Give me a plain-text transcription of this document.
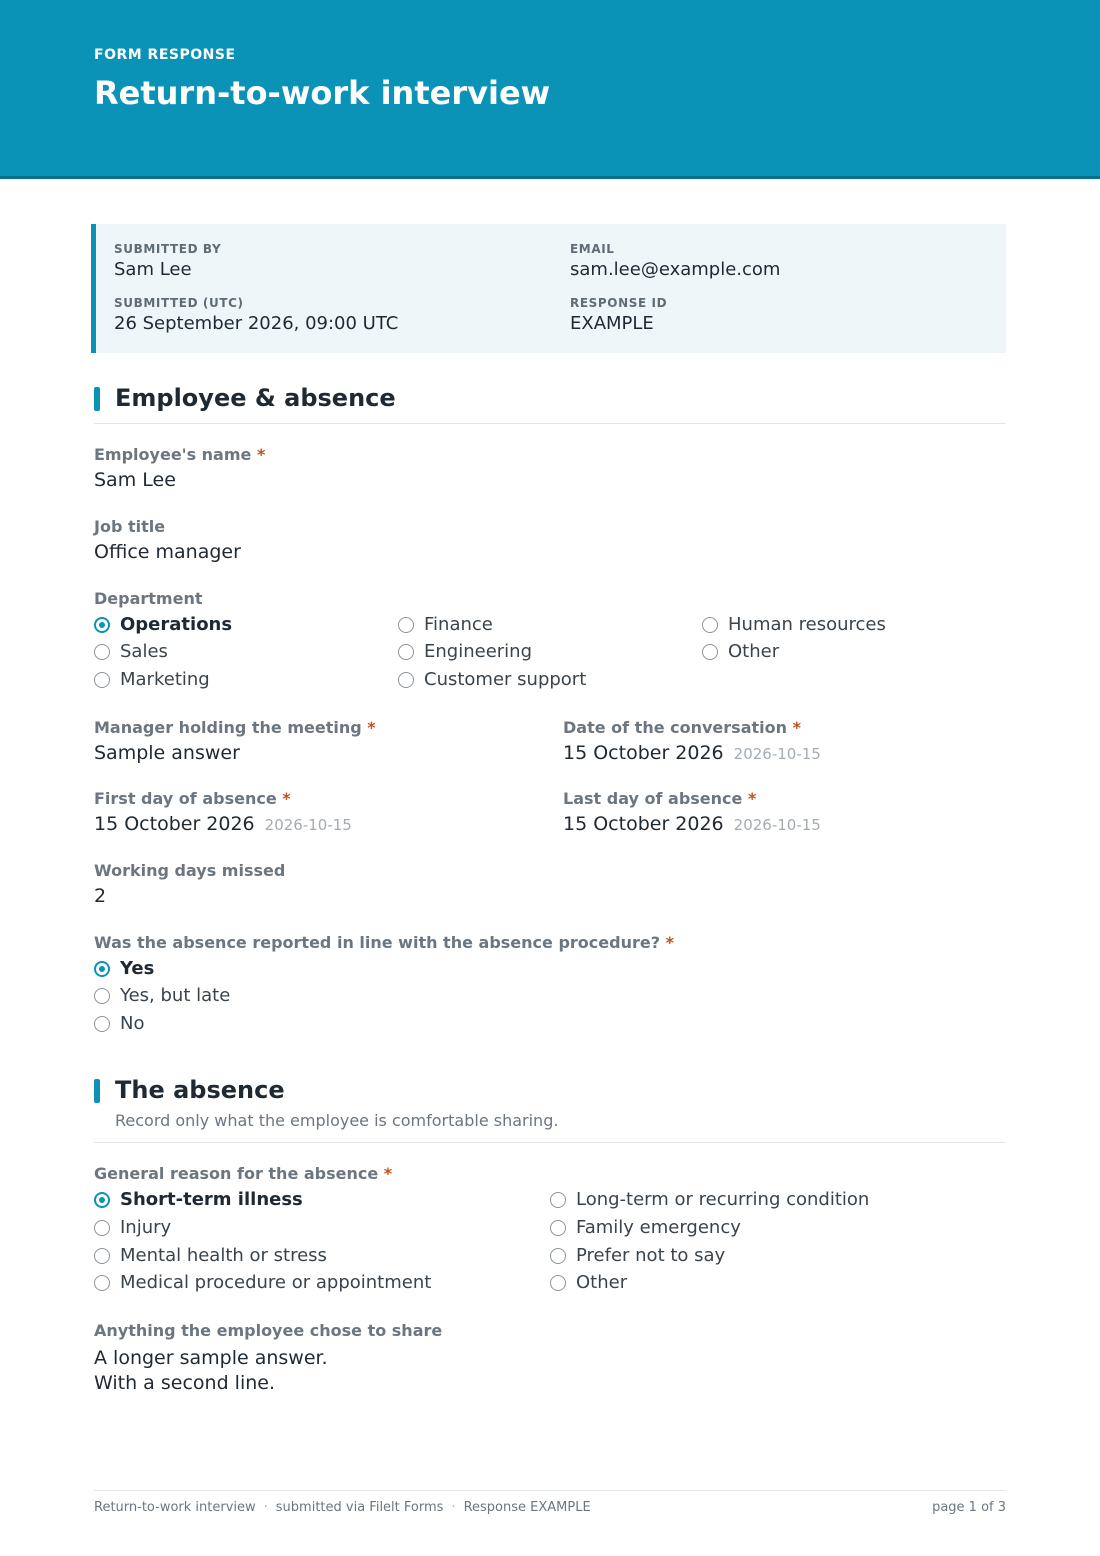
FORM RESPONSE
Return-to-work interview
SUBMITTED BY
Sam Lee
EMAIL
sam.lee@example.com
SUBMITTED (UTC)
26 September 2026, 09:00 UTC
RESPONSE ID
EXAMPLE
Employee & absence
Employee's name *
Sam Lee
Job title
Office manager
Department
Operations
Sales
Marketing
Finance
Engineering
Customer support
Human resources
Other
Manager holding the meeting *
Sample answer
Date of the conversation *
15 October 2026 2026-10-15
First day of absence *
15 October 2026 2026-10-15
Last day of absence *
15 October 2026 2026-10-15
Working days missed
2
Was the absence reported in line with the absence procedure? *
Yes
Yes, but late
No
The absence
Record only what the employee is comfortable sharing.
General reason for the absence *
Short-term illness
Injury
Mental health or stress
Medical procedure or appointment
Long-term or recurring condition
Family emergency
Prefer not to say
Other
Anything the employee chose to share
A longer sample answer.
With a second line.
Return-to-work interview · submitted via Filelt Forms · Response EXAMPLE	page 1 of 3
